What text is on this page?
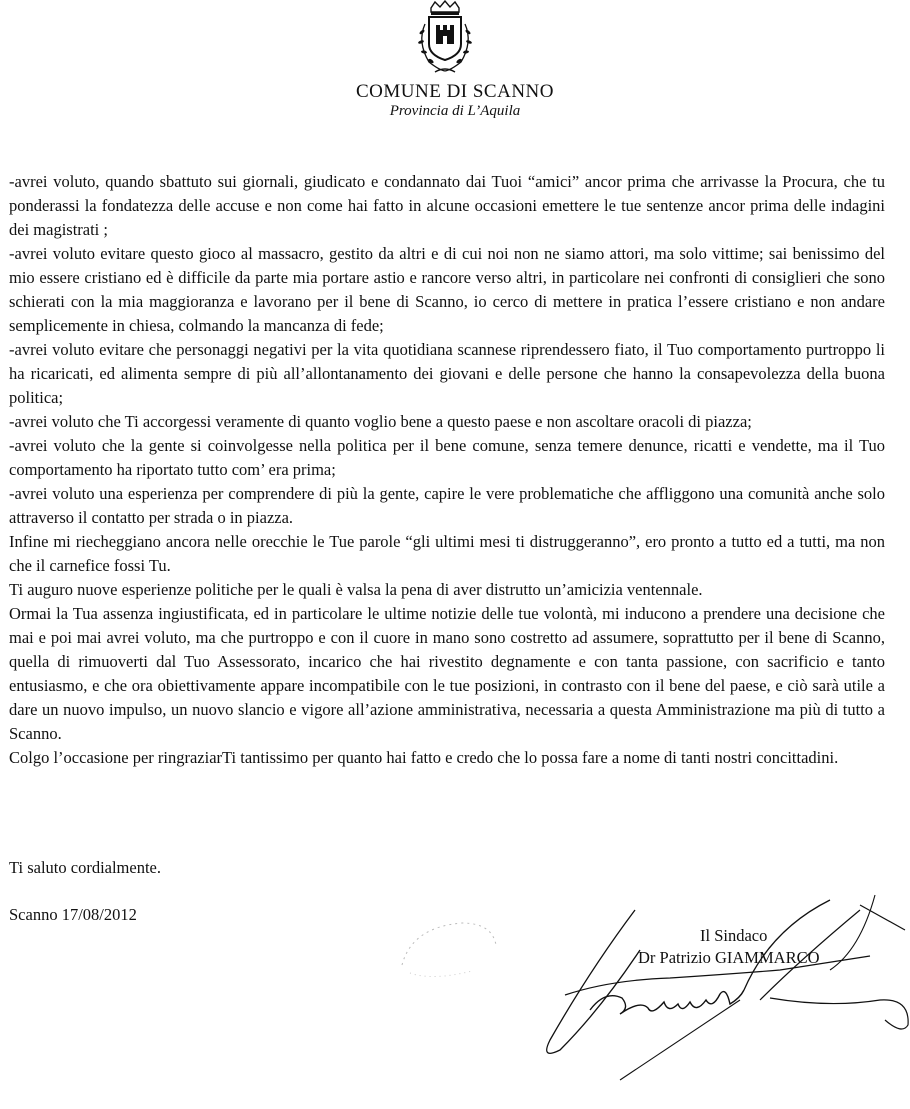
COMUNE DI SCANNO
Provincia di L’Aquila

-avrei voluto, quando sbattuto sui giornali, giudicato e condannato dai Tuoi “amici” ancor prima che arrivasse la Procura, che tu ponderassi la fondatezza delle accuse e non come hai fatto in alcune occasioni emettere le tue sentenze ancor prima delle indagini dei magistrati ;

-avrei voluto evitare questo gioco al massacro, gestito da altri e di cui noi non ne siamo attori, ma solo vittime; sai benissimo del mio essere cristiano ed è difficile da parte mia portare astio e rancore verso altri, in particolare nei confronti di consiglieri che sono schierati con la mia maggioranza e lavorano per il bene di Scanno, io cerco di mettere in pratica l’essere cristiano e non andare semplicemente in chiesa, colmando la mancanza di fede;

-avrei voluto evitare che personaggi negativi per la vita quotidiana scannese riprendessero fiato, il Tuo comportamento purtroppo li ha ricaricati, ed alimenta sempre di più all’allontanamento dei giovani e delle persone che hanno la consapevolezza della buona politica;

-avrei voluto che Ti accorgessi veramente di quanto voglio bene a questo paese e non ascoltare oracoli di piazza;

-avrei voluto che la gente si coinvolgesse nella politica per il bene comune, senza temere denunce, ricatti e vendette, ma il Tuo comportamento ha riportato tutto com’ era prima;

-avrei voluto una esperienza per comprendere di più la gente, capire le vere problematiche che affliggono una comunità anche solo attraverso il contatto per strada o in piazza.

Infine mi riecheggiano ancora nelle orecchie le Tue parole “gli ultimi mesi ti distruggeranno”, ero pronto a tutto ed a tutti, ma non che il carnefice fossi Tu.

Ti auguro nuove esperienze politiche per le quali è valsa la pena di aver distrutto un’amicizia ventennale.

Ormai la Tua assenza ingiustificata, ed in particolare le ultime notizie delle tue volontà, mi inducono a prendere una decisione che mai e poi mai avrei voluto, ma che purtroppo e con il cuore in mano sono costretto ad assumere, soprattutto per il bene di Scanno, quella di rimuoverti dal Tuo Assessorato, incarico che hai rivestito degnamente e con tanta passione, con sacrificio e tanto entusiasmo, e che ora obiettivamente appare incompatibile con le tue posizioni, in contrasto con il bene del paese, e ciò sarà utile a dare un nuovo impulso, un nuovo slancio e vigore all’azione amministrativa, necessaria a questa Amministrazione ma più di tutto a Scanno.

Colgo l’occasione per ringraziarTi tantissimo per quanto hai fatto e credo che lo possa fare a nome di tanti nostri concittadini.

Ti saluto cordialmente.
Scanno 17/08/2012
Il Sindaco
Dr Patrizio GIAMMARCO
